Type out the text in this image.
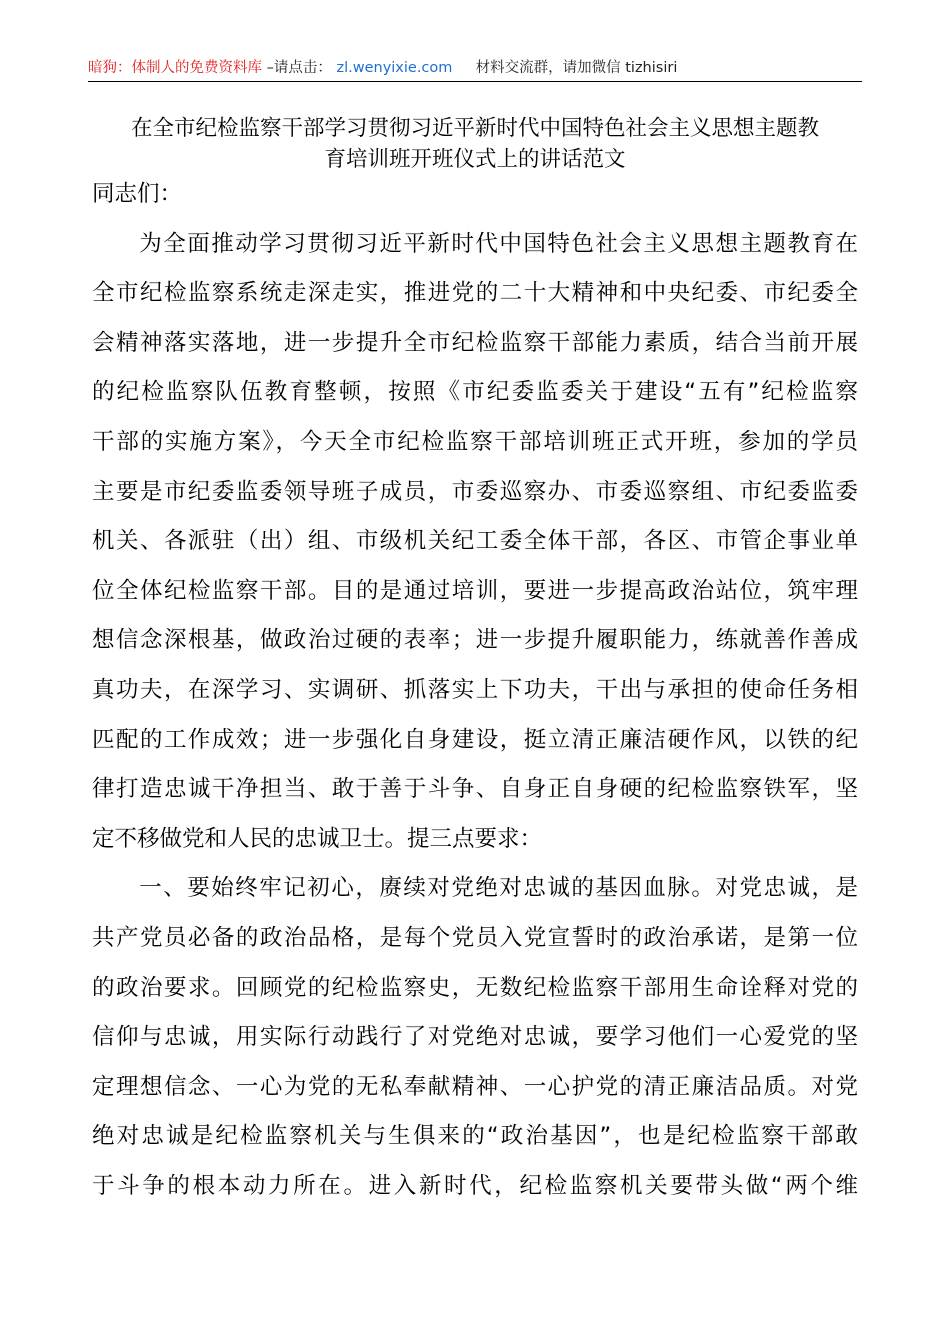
暗狗：体制人的免费资料库 –请点击： zl.wenyixie.com 材料交流群，请加微信 tizhisiri
在全市纪检监察干部学习贯彻习近平新时代中国特色社会主义思想主题教
育培训班开班仪式上的讲话范文
同志们：
为全面推动学习贯彻习近平新时代中国特色社会主义思想主题教育在
全市纪检监察系统走深走实，推进党的二十大精神和中央纪委、市纪委全
会精神落实落地，进一步提升全市纪检监察干部能力素质，结合当前开展
的纪检监察队伍教育整顿，按照《市纪委监委关于建设“五有”纪检监察
干部的实施方案》，今天全市纪检监察干部培训班正式开班，参加的学员
主要是市纪委监委领导班子成员，市委巡察办、市委巡察组、市纪委监委
机关、各派驻（出）组、市级机关纪工委全体干部，各区、市管企事业单
位全体纪检监察干部。目的是通过培训，要进一步提高政治站位，筑牢理
想信念深根基，做政治过硬的表率；进一步提升履职能力，练就善作善成
真功夫，在深学习、实调研、抓落实上下功夫，干出与承担的使命任务相
匹配的工作成效；进一步强化自身建设，挺立清正廉洁硬作风，以铁的纪
律打造忠诚干净担当、敢于善于斗争、自身正自身硬的纪检监察铁军，坚
定不移做党和人民的忠诚卫士。提三点要求：
一、要始终牢记初心，赓续对党绝对忠诚的基因血脉。对党忠诚，是
共产党员必备的政治品格，是每个党员入党宣誓时的政治承诺，是第一位
的政治要求。回顾党的纪检监察史，无数纪检监察干部用生命诠释对党的
信仰与忠诚，用实际行动践行了对党绝对忠诚，要学习他们一心爱党的坚
定理想信念、一心为党的无私奉献精神、一心护党的清正廉洁品质。对党
绝对忠诚是纪检监察机关与生俱来的“政治基因”，也是纪检监察干部敢
于斗争的根本动力所在。进入新时代，纪检监察机关要带头做“两个维
